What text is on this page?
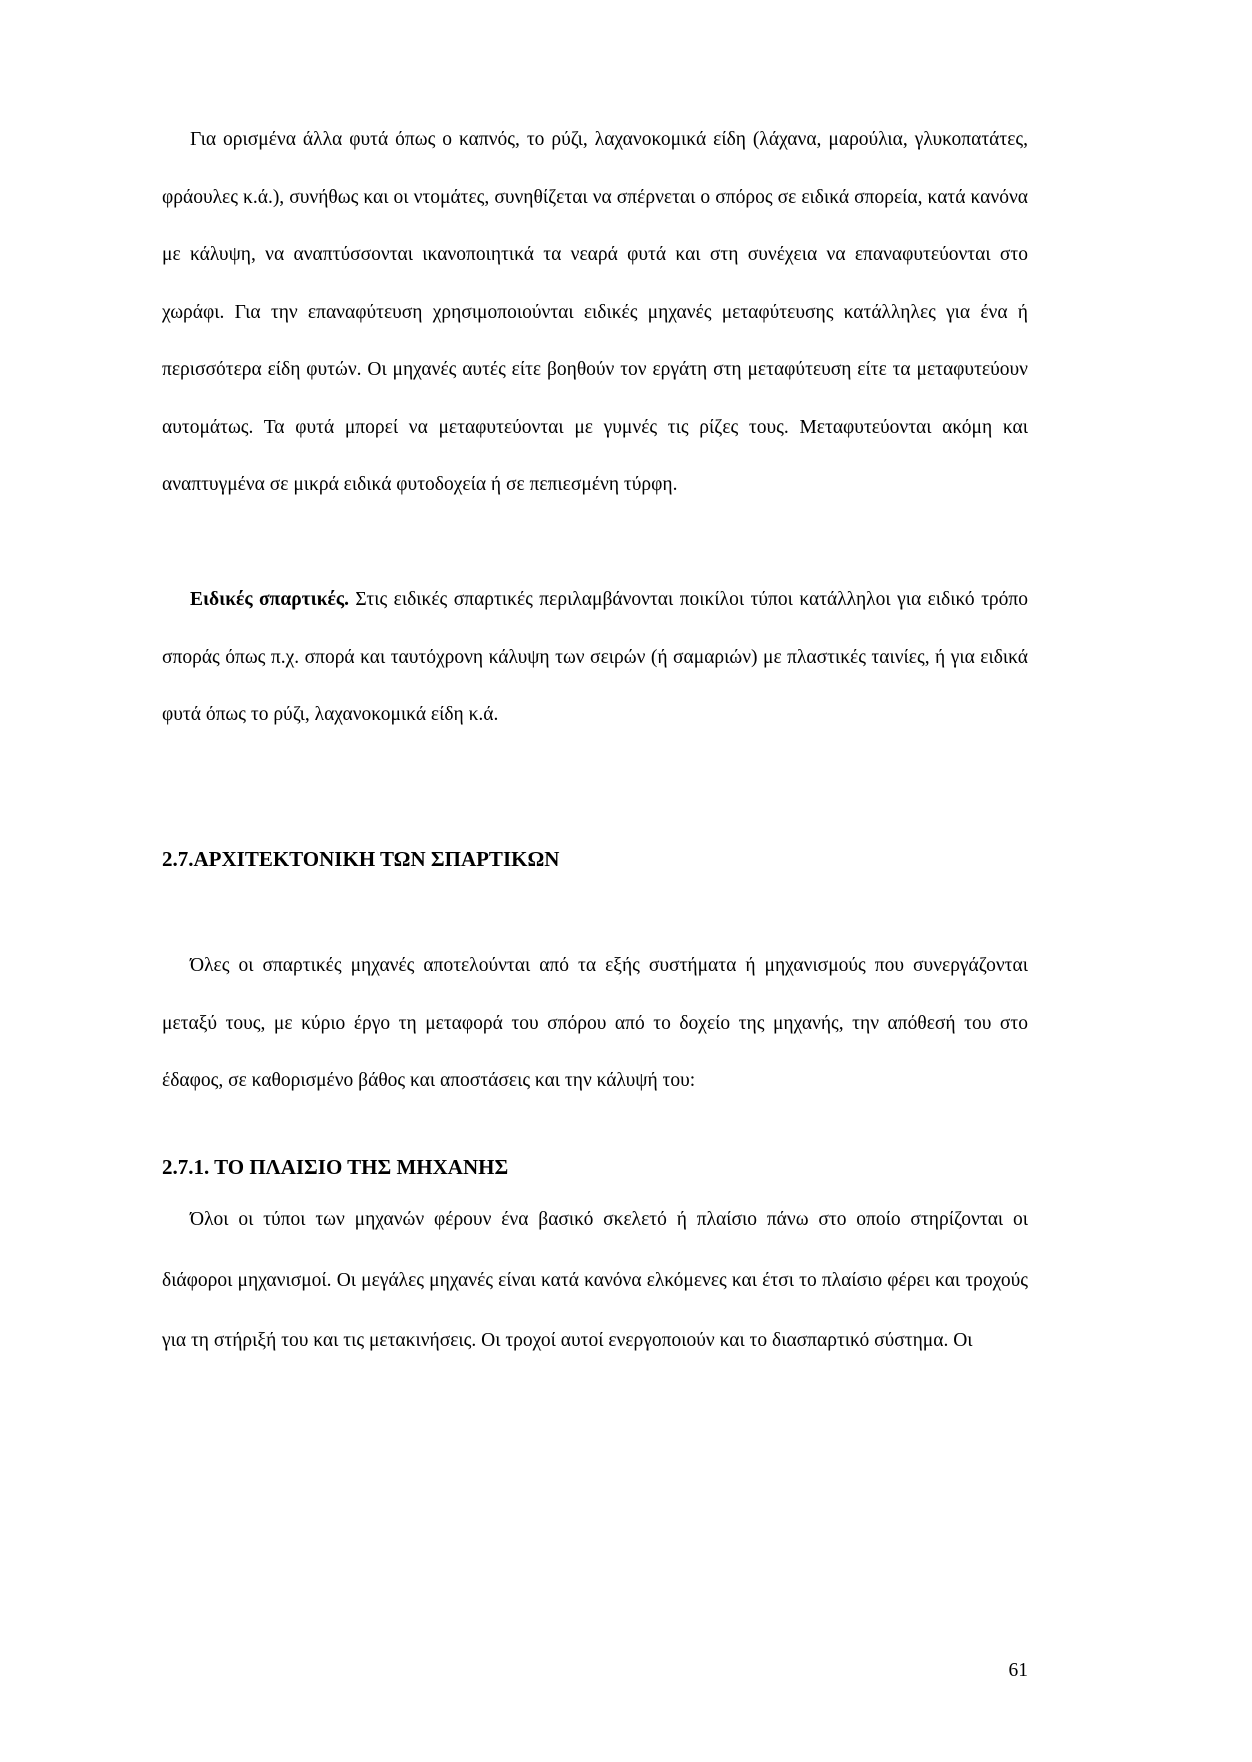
Για ορισμένα άλλα φυτά όπως ο καπνός, το ρύζι, λαχανοκομικά είδη (λάχανα, μαρούλια, γλυκοπατάτες, φράουλες κ.ά.), συνήθως και οι ντομάτες, συνηθίζεται να σπέρνεται ο σπόρος σε ειδικά σπορεία, κατά κανόνα με κάλυψη, να αναπτύσσονται ικανοποιητικά τα νεαρά φυτά και στη συνέχεια να επαναφυτεύονται στο χωράφι. Για την επαναφύτευση χρησιμοποιούνται ειδικές μηχανές μεταφύτευσης κατάλληλες για ένα ή περισσότερα είδη φυτών. Οι μηχανές αυτές είτε βοηθούν τον εργάτη στη μεταφύτευση είτε τα μεταφυτεύουν αυτομάτως. Τα φυτά μπορεί να μεταφυτεύονται με γυμνές τις ρίζες τους. Μεταφυτεύονται ακόμη και αναπτυγμένα σε μικρά ειδικά φυτοδοχεία ή σε πεπιεσμένη τύρφη.

Ειδικές σπαρτικές. Στις ειδικές σπαρτικές περιλαμβάνονται ποικίλοι τύποι κατάλληλοι για ειδικό τρόπο σποράς όπως π.χ. σπορά και ταυτόχρονη κάλυψη των σειρών (ή σαμαριών) με πλαστικές ταινίες, ή για ειδικά φυτά όπως το ρύζι, λαχανοκομικά είδη κ.ά.

2.7.ΑΡΧΙΤΕΚΤΟΝΙΚΗ ΤΩΝ ΣΠΑΡΤΙΚΩΝ

Όλες οι σπαρτικές μηχανές αποτελούνται από τα εξής συστήματα ή μηχανισμούς που συνεργάζονται μεταξύ τους, με κύριο έργο τη μεταφορά του σπόρου από το δοχείο της μηχανής, την απόθεσή του στο έδαφος, σε καθορισμένο βάθος και αποστάσεις και την κάλυψή του:

2.7.1. ΤΟ ΠΛΑΙΣΙΟ ΤΗΣ ΜΗΧΑΝΗΣ

Όλοι οι τύποι των μηχανών φέρουν ένα βασικό σκελετό ή πλαίσιο πάνω στο οποίο στηρίζονται οι διάφοροι μηχανισμοί. Οι μεγάλες μηχανές είναι κατά κανόνα ελκόμενες και έτσι το πλαίσιο φέρει και τροχούς για τη στήριξή του και τις μετακινήσεις. Οι τροχοί αυτοί ενεργοποιούν και το διασπαρτικό σύστημα. Οι

61
